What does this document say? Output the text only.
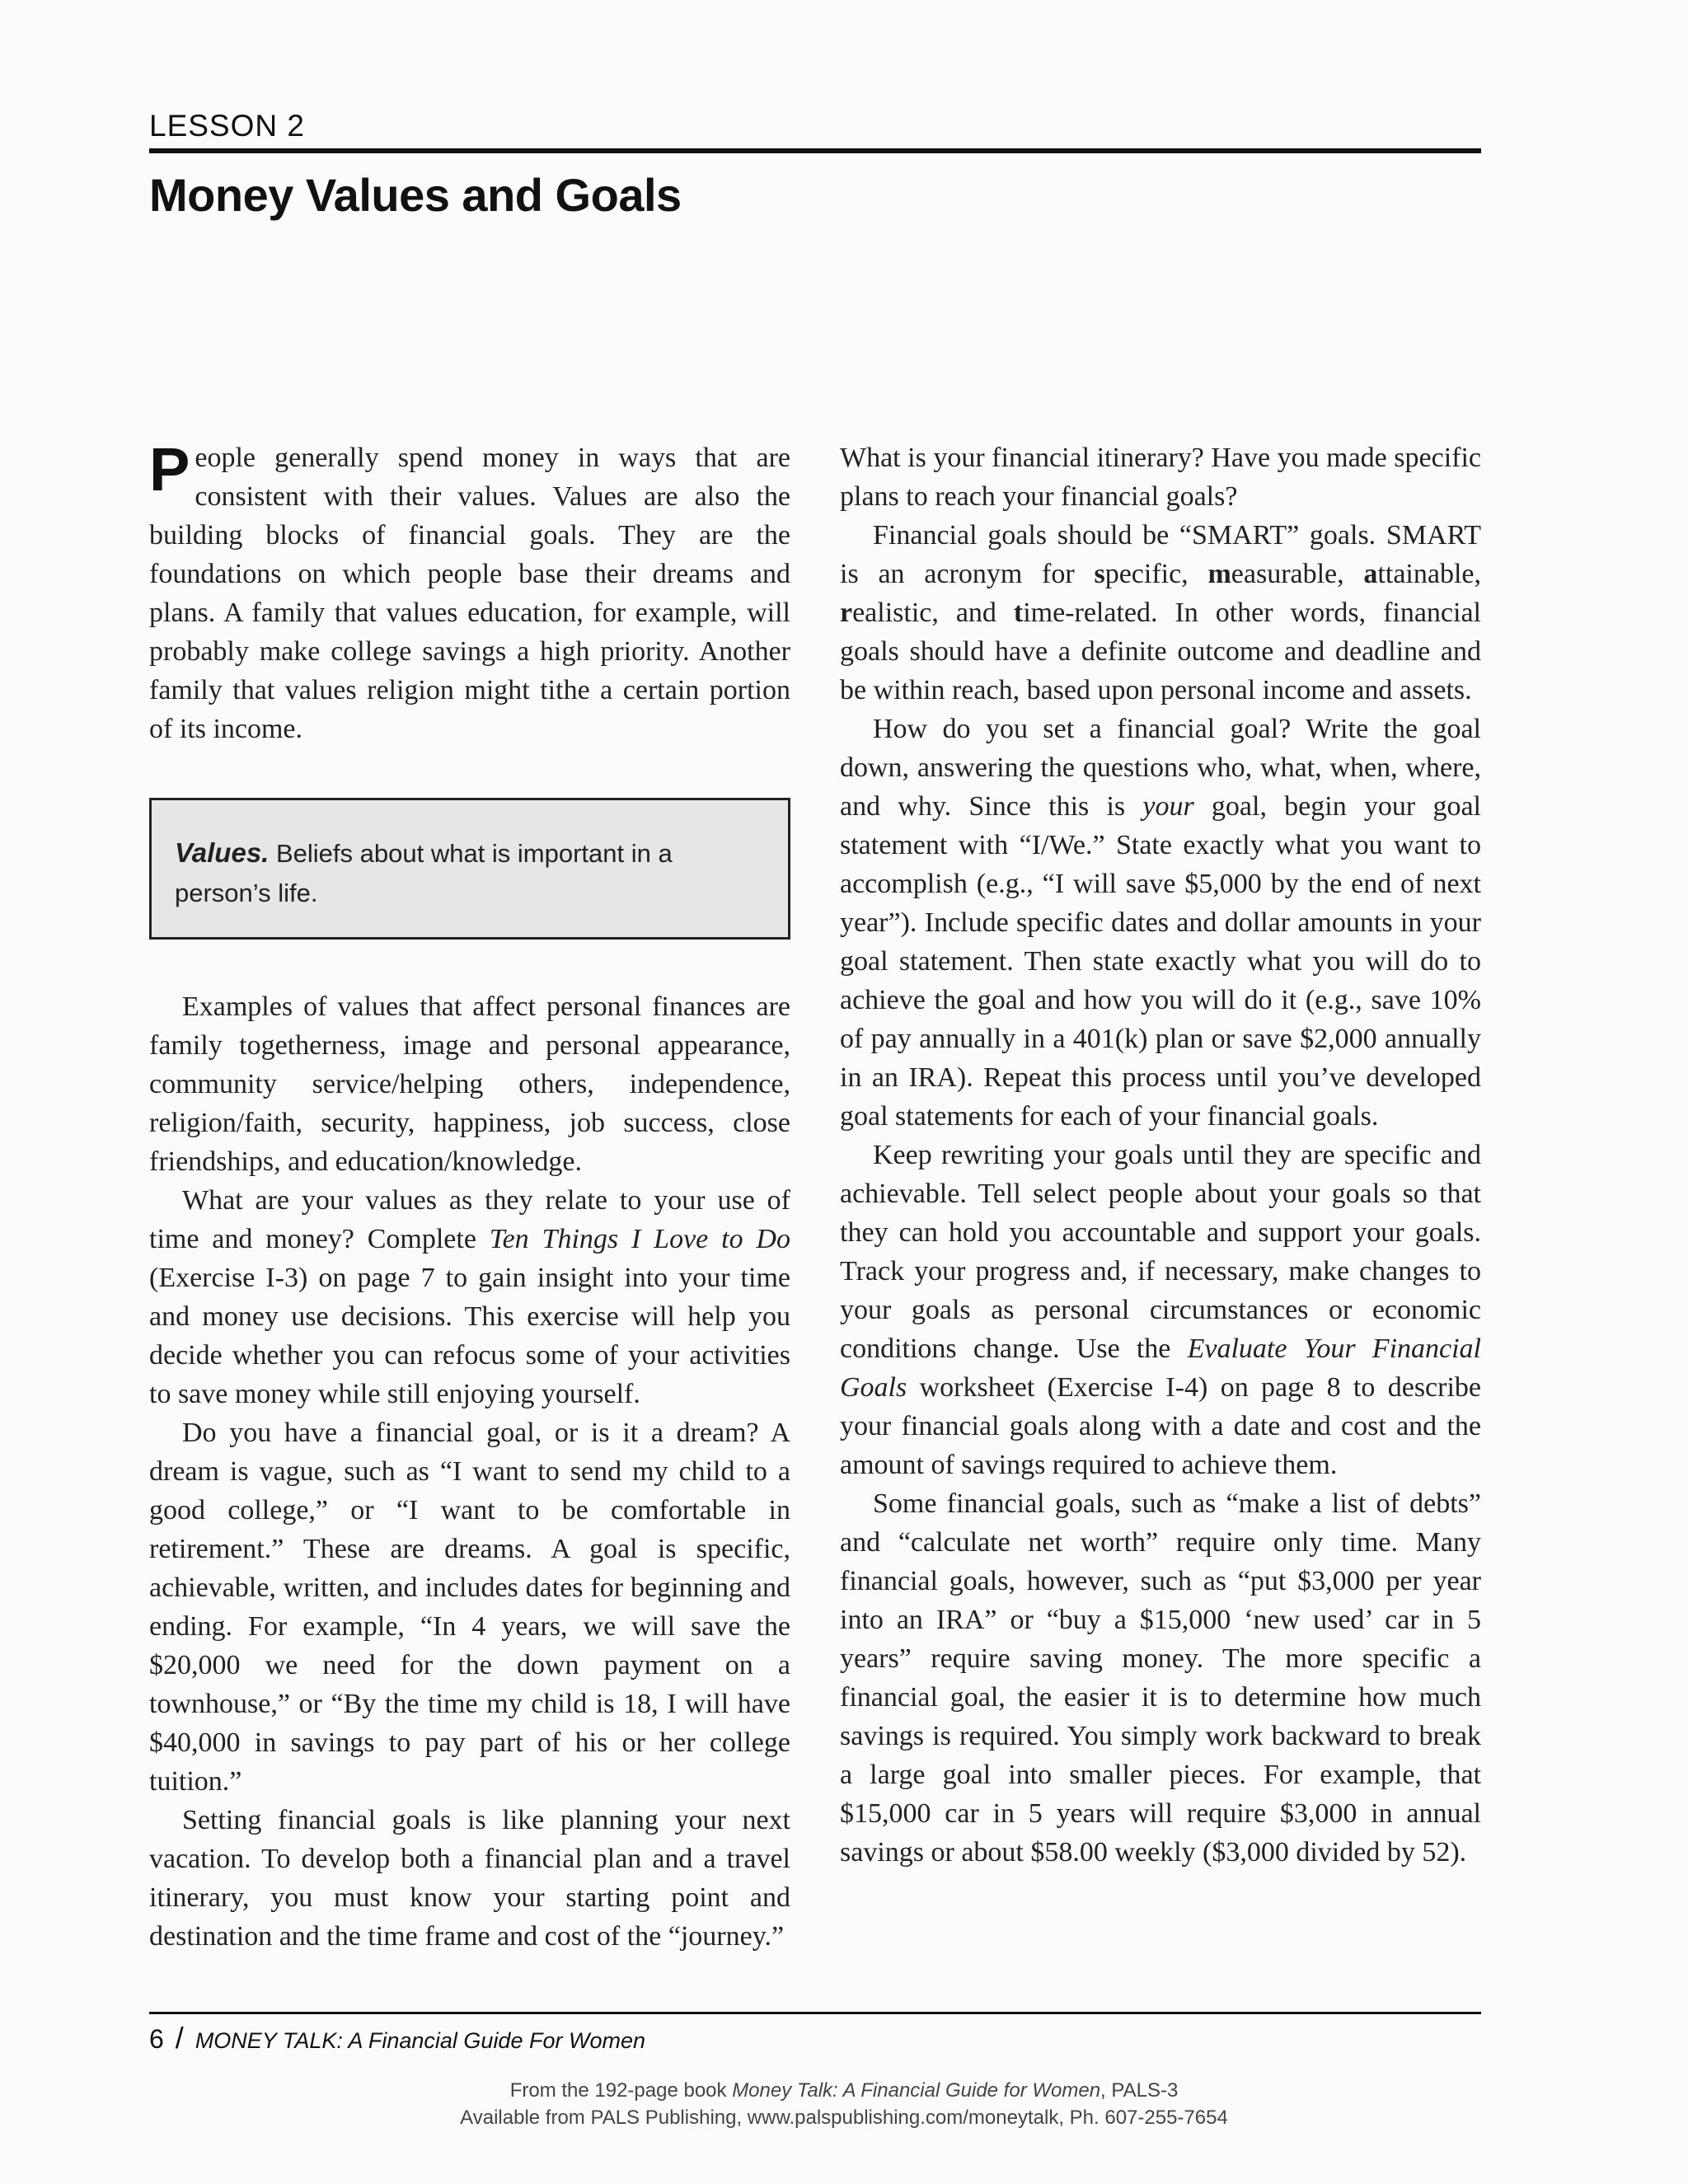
LESSON 2
Money Values and Goals

People generally spend money in ways that are consistent with their values. Values are also the building blocks of financial goals. They are the foundations on which people base their dreams and plans. A family that values education, for example, will probably make college savings a high priority. Another family that values religion might tithe a certain portion of its income.

Values. Beliefs about what is important in a person’s life.

Examples of values that affect personal finances are family togetherness, image and personal appearance, community service/helping others, independence, religion/faith, security, happiness, job success, close friendships, and education/knowledge.

What are your values as they relate to your use of time and money? Complete Ten Things I Love to Do (Exercise I-3) on page 7 to gain insight into your time and money use decisions. This exercise will help you decide whether you can refocus some of your activities to save money while still enjoying yourself.

Do you have a financial goal, or is it a dream? A dream is vague, such as “I want to send my child to a good college,” or “I want to be comfortable in retirement.” These are dreams. A goal is specific, achievable, written, and includes dates for beginning and ending. For example, “In 4 years, we will save the $20,000 we need for the down payment on a townhouse,” or “By the time my child is 18, I will have $40,000 in savings to pay part of his or her college tuition.”

Setting financial goals is like planning your next vacation. To develop both a financial plan and a travel itinerary, you must know your starting point and destination and the time frame and cost of the “journey.”

What is your financial itinerary? Have you made specific plans to reach your financial goals?

Financial goals should be “SMART” goals. SMART is an acronym for specific, measurable, attainable, realistic, and time-related. In other words, financial goals should have a definite outcome and deadline and be within reach, based upon personal income and assets.

How do you set a financial goal? Write the goal down, answering the questions who, what, when, where, and why. Since this is your goal, begin your goal statement with “I/We.” State exactly what you want to accomplish (e.g., “I will save $5,000 by the end of next year”). Include specific dates and dollar amounts in your goal statement. Then state exactly what you will do to achieve the goal and how you will do it (e.g., save 10% of pay annually in a 401(k) plan or save $2,000 annually in an IRA). Repeat this process until you’ve developed goal statements for each of your financial goals.

Keep rewriting your goals until they are specific and achievable. Tell select people about your goals so that they can hold you accountable and support your goals. Track your progress and, if necessary, make changes to your goals as personal circumstances or economic conditions change. Use the Evaluate Your Financial Goals worksheet (Exercise I-4) on page 8 to describe your financial goals along with a date and cost and the amount of savings required to achieve them.

Some financial goals, such as “make a list of debts” and “calculate net worth” require only time. Many financial goals, however, such as “put $3,000 per year into an IRA” or “buy a $15,000 ‘new used’ car in 5 years” require saving money. The more specific a financial goal, the easier it is to determine how much savings is required. You simply work backward to break a large goal into smaller pieces. For example, that $15,000 car in 5 years will require $3,000 in annual savings or about $58.00 weekly ($3,000 divided by 52).

6 / MONEY TALK: A Financial Guide For Women
From the 192-page book Money Talk: A Financial Guide for Women, PALS-3
Available from PALS Publishing, www.palspublishing.com/moneytalk, Ph. 607-255-7654
